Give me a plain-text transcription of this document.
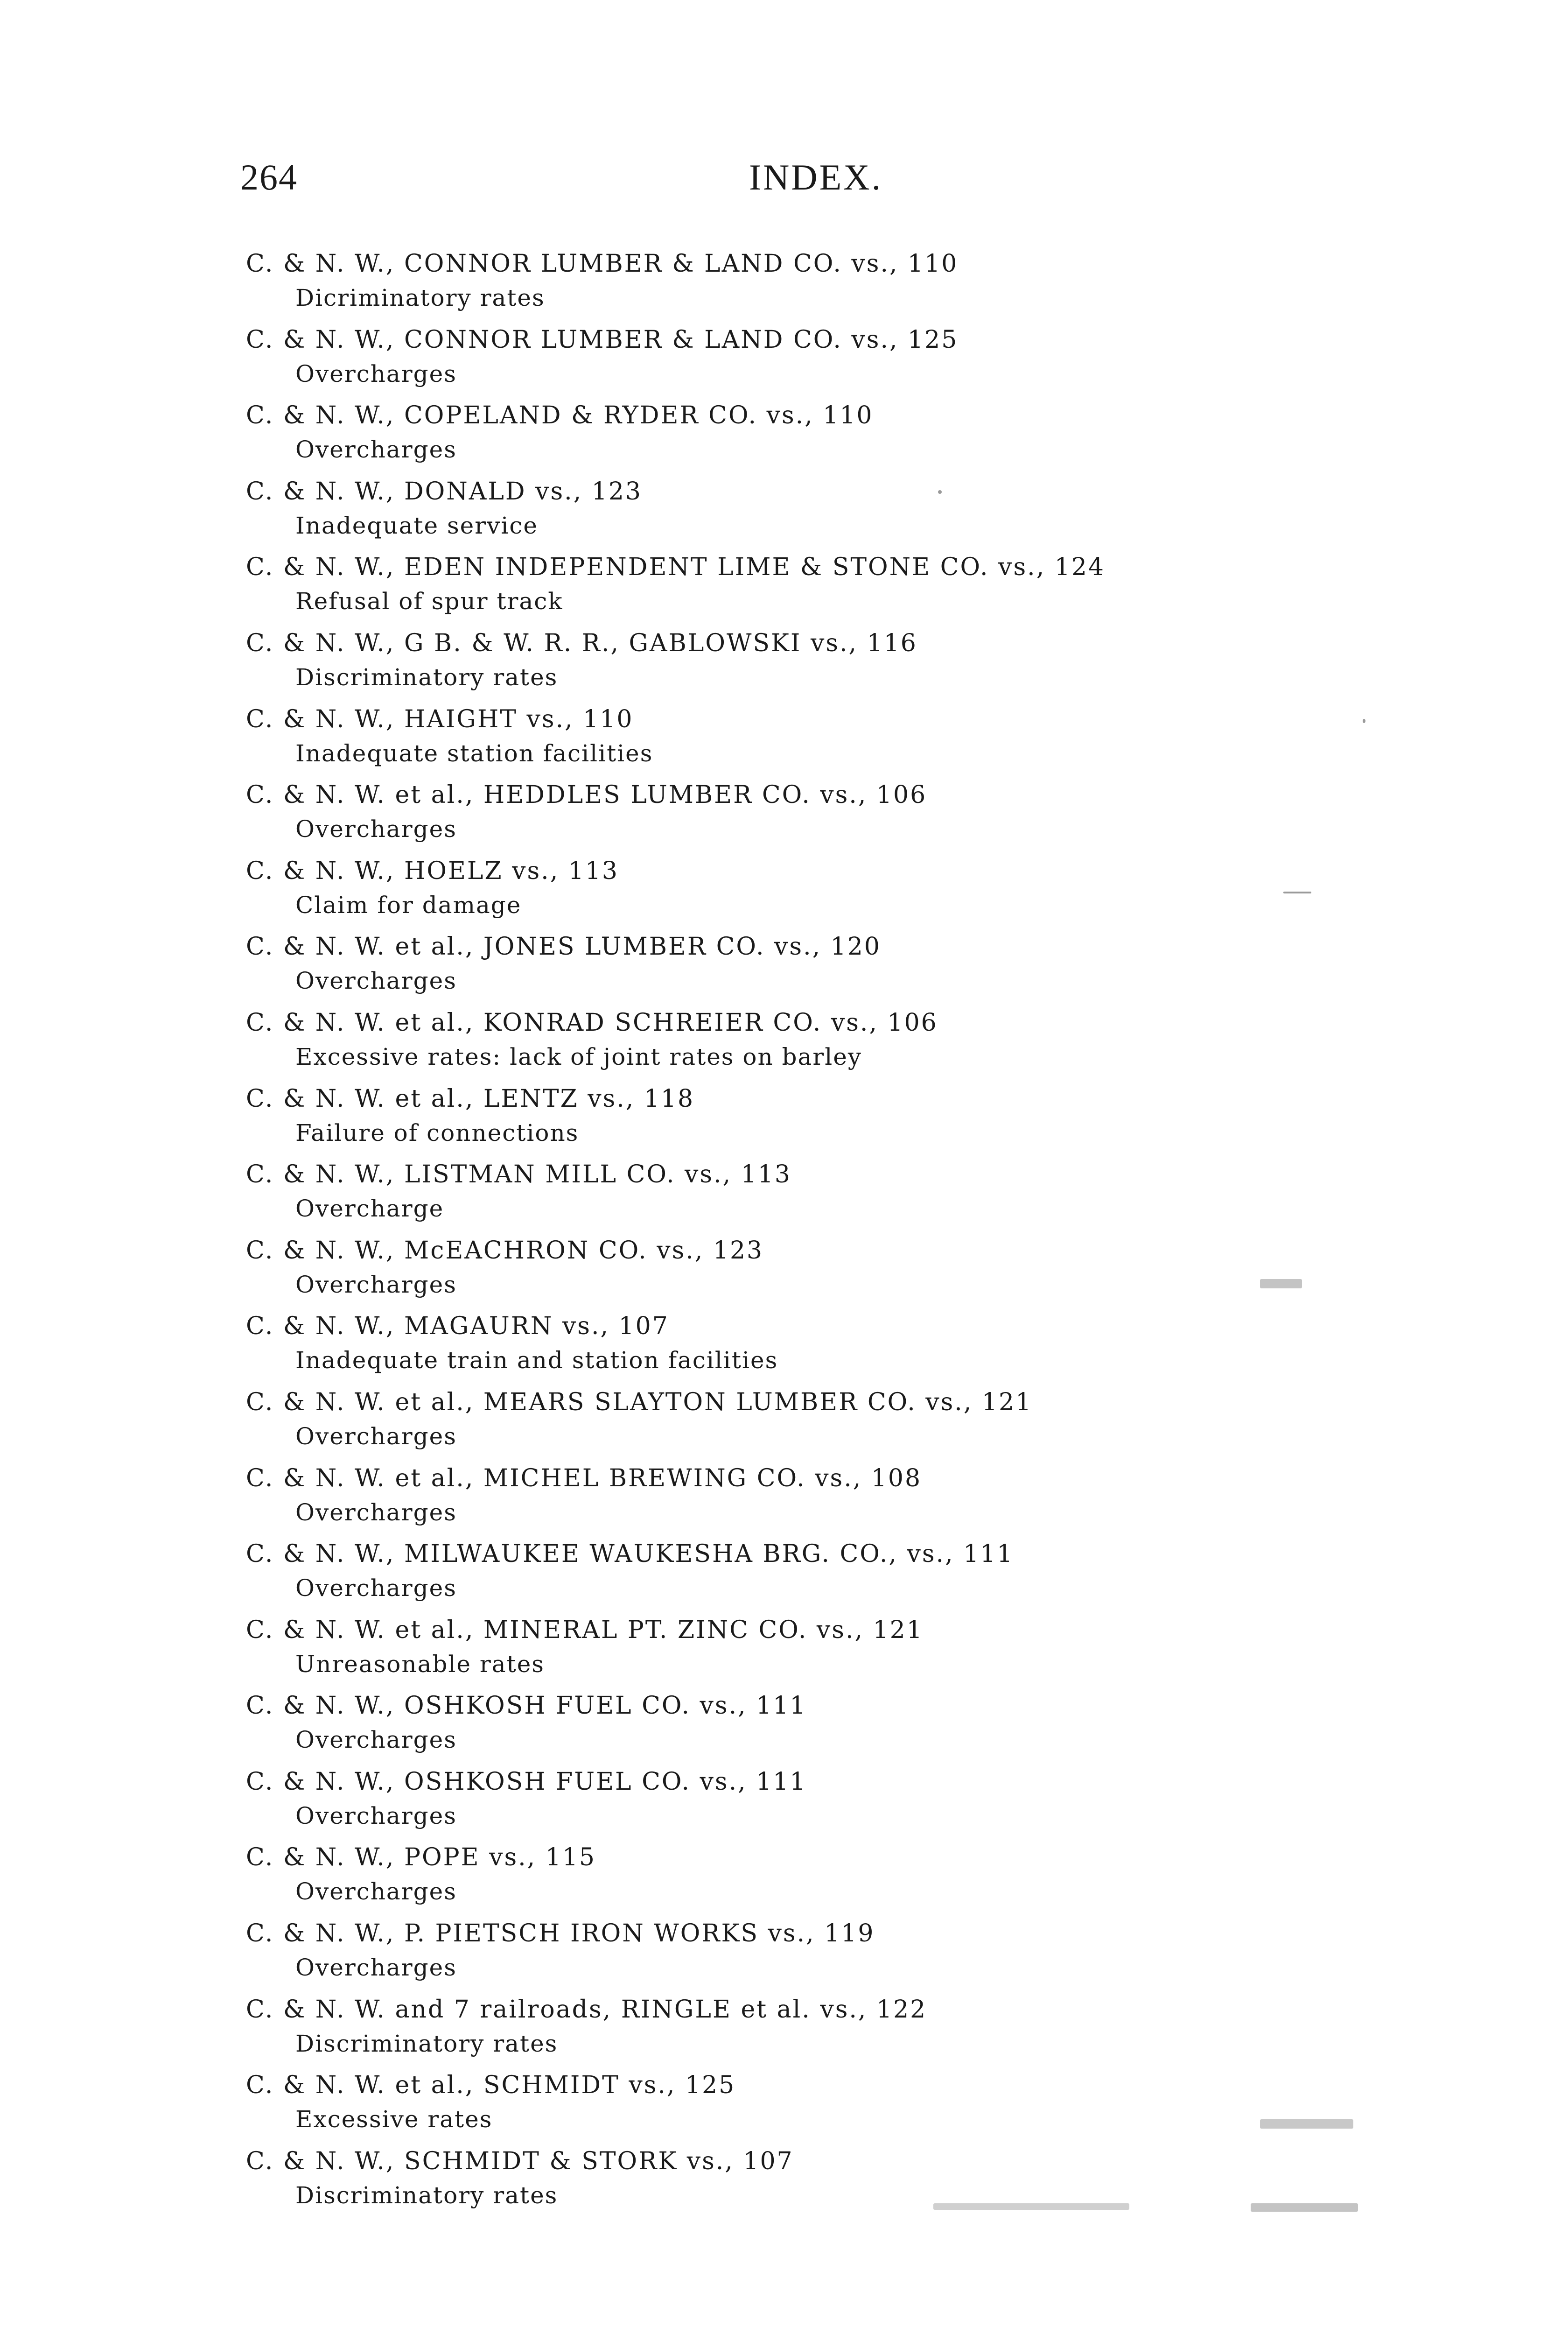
264	INDEX.
C. & N. W., CONNOR LUMBER & LAND CO. vs., 110
Dicriminatory rates
C. & N. W., CONNOR LUMBER & LAND CO. vs., 125
Overcharges
C. & N. W., COPELAND & RYDER CO. vs., 110
Overcharges
C. & N. W., DONALD vs., 123
Inadequate service
C. & N. W., EDEN INDEPENDENT LIME & STONE CO. vs., 124
Refusal of spur track
C. & N. W., G B. & W. R. R., GABLOWSKI vs., 116
Discriminatory rates
C. & N. W., HAIGHT vs., 110
Inadequate station facilities
C. & N. W. et al., HEDDLES LUMBER CO. vs., 106
Overcharges
C. & N. W., HOELZ vs., 113
Claim for damage
C. & N. W. et al., JONES LUMBER CO. vs., 120
Overcharges
C. & N. W. et al., KONRAD SCHREIER CO. vs., 106
Excessive rates: lack of joint rates on barley
C. & N. W. et al., LENTZ vs., 118
Failure of connections
C. & N. W., LISTMAN MILL CO. vs., 113
Overcharge
C. & N. W., McEACHRON CO. vs., 123
Overcharges
C. & N. W., MAGAURN vs., 107
Inadequate train and station facilities
C. & N. W. et al., MEARS SLAYTON LUMBER CO. vs., 121
Overcharges
C. & N. W. et al., MICHEL BREWING CO. vs., 108
Overcharges
C. & N. W., MILWAUKEE WAUKESHA BRG. CO., vs., 111
Overcharges
C. & N. W. et al., MINERAL PT. ZINC CO. vs., 121
Unreasonable rates
C. & N. W., OSHKOSH FUEL CO. vs., 111
Overcharges
C. & N. W., OSHKOSH FUEL CO. vs., 111
Overcharges
C. & N. W., POPE vs., 115
Overcharges
C. & N. W., P. PIETSCH IRON WORKS vs., 119
Overcharges
C. & N. W. and 7 railroads, RINGLE et al. vs., 122
Discriminatory rates
C. & N. W. et al., SCHMIDT vs., 125
Excessive rates
C. & N. W., SCHMIDT & STORK vs., 107
Discriminatory rates
